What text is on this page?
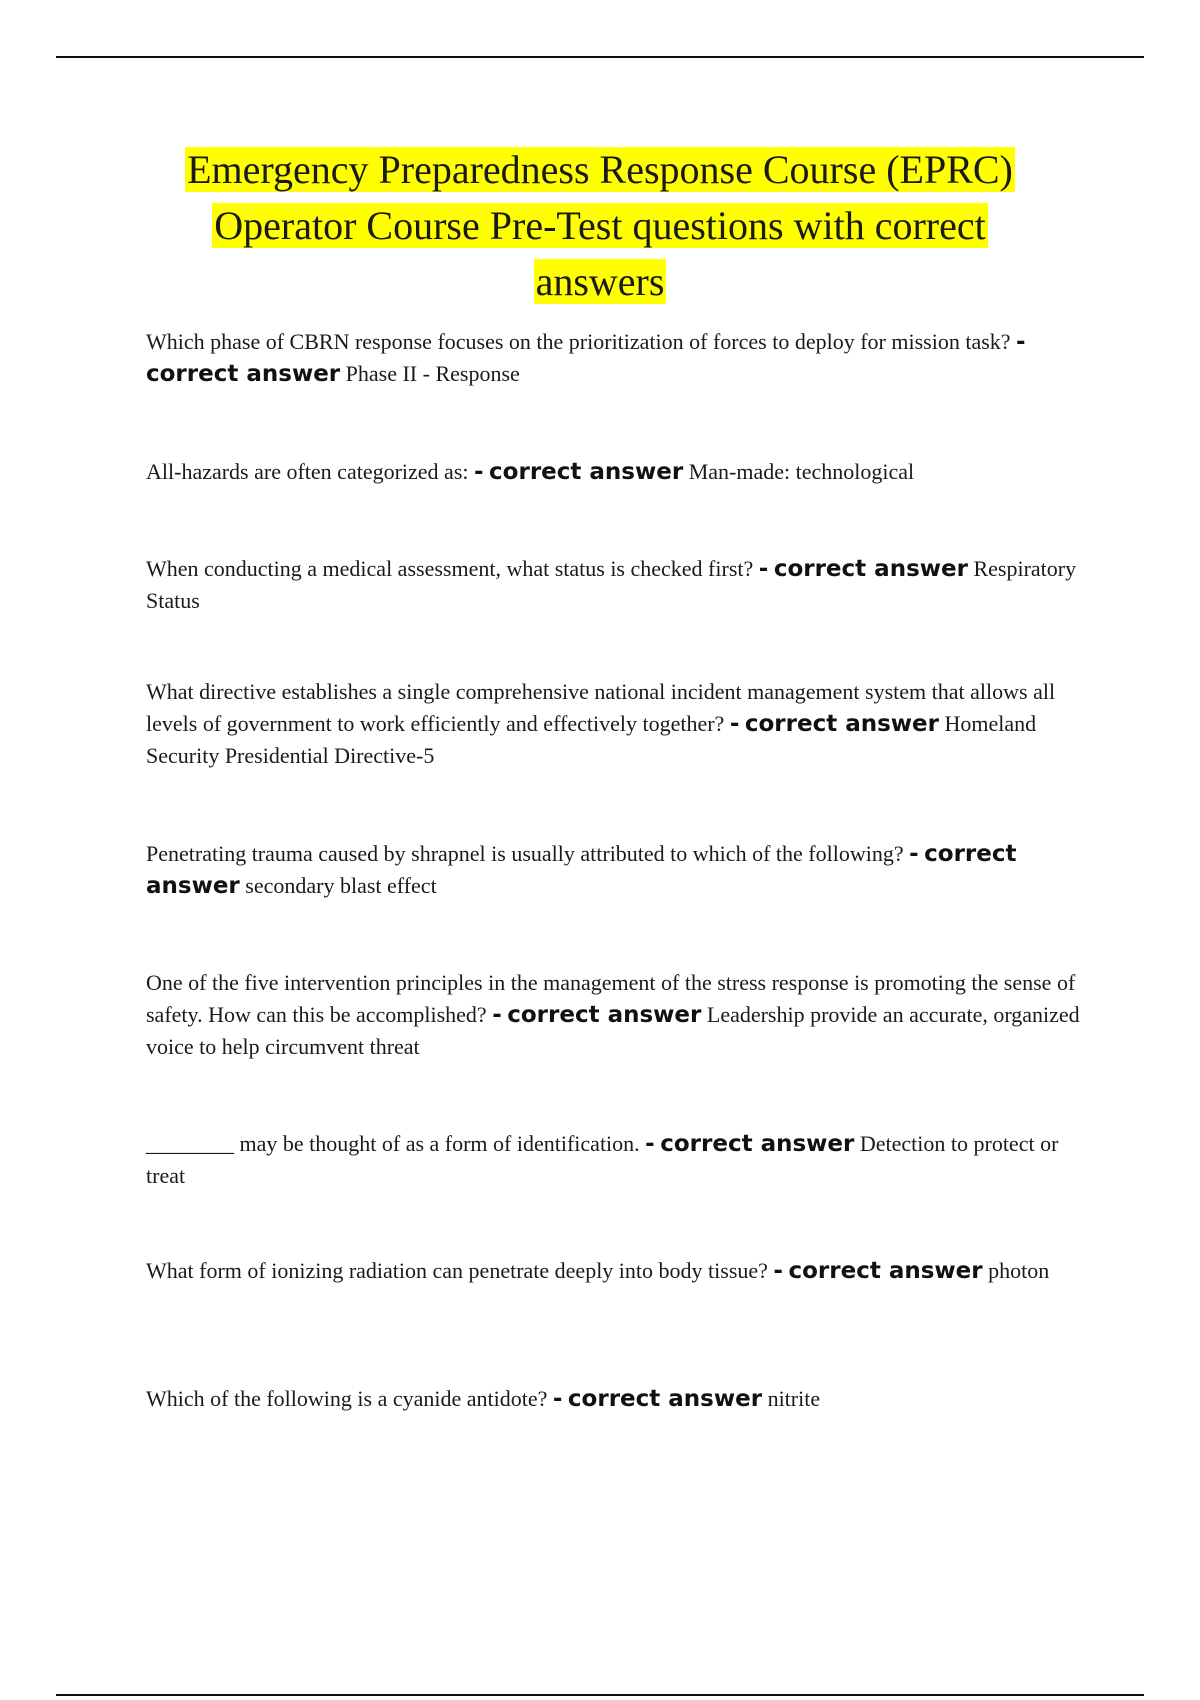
Emergency Preparedness Response Course (EPRC)
Operator Course Pre-Test questions with correct
answers

Which phase of CBRN response focuses on the prioritization of forces to deploy for mission task? - correct answer Phase II - Response

All-hazards are often categorized as: - correct answer Man-made: technological

When conducting a medical assessment, what status is checked first? - correct answer Respiratory Status

What directive establishes a single comprehensive national incident management system that allows all levels of government to work efficiently and effectively together? - correct answer Homeland Security Presidential Directive-5

Penetrating trauma caused by shrapnel is usually attributed to which of the following? - correct answer secondary blast effect

One of the five intervention principles in the management of the stress response is promoting the sense of safety. How can this be accomplished? - correct answer Leadership provide an accurate, organized voice to help circumvent threat

________ may be thought of as a form of identification. - correct answer Detection to protect or treat

What form of ionizing radiation can penetrate deeply into body tissue? - correct answer photon

Which of the following is a cyanide antidote? - correct answer nitrite
